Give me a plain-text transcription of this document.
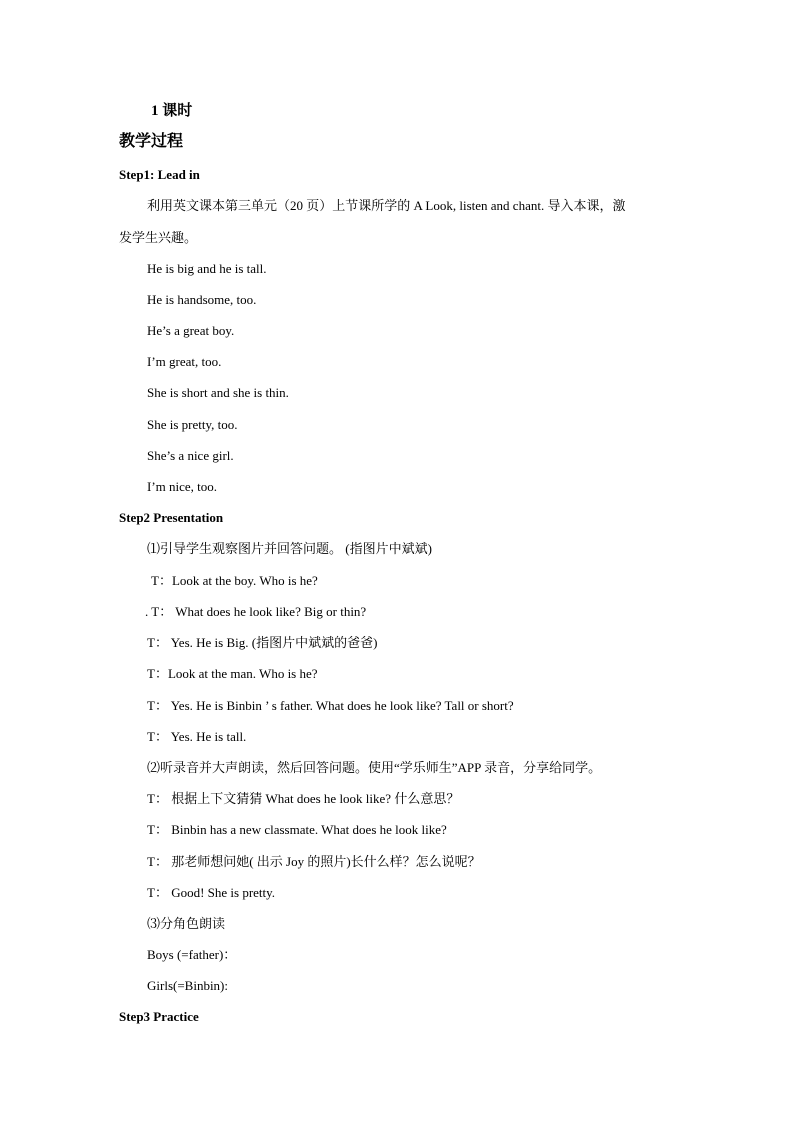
1 课时
教学过程
Step1: Lead in
利用英文课本第三单元（20 页）上节课所学的 A Look, listen and chant. 导入本课，激
发学生兴趣。
He is big and he is tall.
He is handsome, too.
He’s a great boy.
I’m great, too.
She is short and she is thin.
She is pretty, too.
She’s a nice girl.
I’m nice, too.
Step2 Presentation
⑴引导学生观察图片并回答问题。 (指图片中斌斌)
T：Look at the boy. Who is he?
. T： What does he look like? Big or thin?
T： Yes. He is Big. (指图片中斌斌的爸爸)
T：Look at the man. Who is he?
T： Yes. He is Binbin ’ s father. What does he look like? Tall or short?
T： Yes. He is tall.
⑵听录音并大声朗读，然后回答问题。使用“学乐师生”APP 录音，分享给同学。
T： 根据上下文猜猜 What does he look like? 什么意思？
T： Binbin has a new classmate. What does he look like?
T： 那老师想问她( 出示 Joy 的照片)长什么样？怎么说呢？
T： Good! She is pretty.
⑶分角色朗读
Boys (=father)：
Girls(=Binbin):
Step3 Practice
